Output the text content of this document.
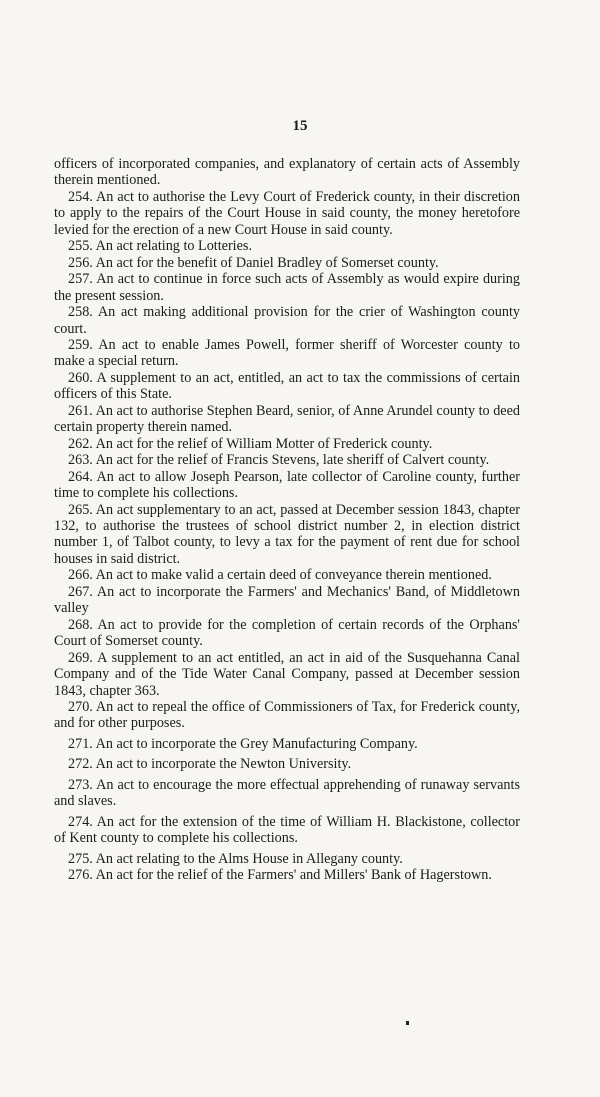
15

officers of incorporated companies, and explanatory of certain acts of Assembly therein mentioned.

254. An act to authorise the Levy Court of Frederick county, in their discretion to apply to the repairs of the Court House in said county, the money heretofore levied for the erection of a new Court House in said county.

255. An act relating to Lotteries.

256. An act for the benefit of Daniel Bradley of Somerset county.

257. An act to continue in force such acts of Assembly as would expire during the present session.

258. An act making additional provision for the crier of Washington county court.

259. An act to enable James Powell, former sheriff of Worcester county to make a special return.

260. A supplement to an act, entitled, an act to tax the commissions of certain officers of this State.

261. An act to authorise Stephen Beard, senior, of Anne Arundel county to deed certain property therein named.

262. An act for the relief of William Motter of Frederick county.

263. An act for the relief of Francis Stevens, late sheriff of Calvert county.

264. An act to allow Joseph Pearson, late collector of Caroline county, further time to complete his collections.

265. An act supplementary to an act, passed at December session 1843, chapter 132, to authorise the trustees of school district number 2, in election district number 1, of Talbot county, to levy a tax for the payment of rent due for school houses in said district.

266. An act to make valid a certain deed of conveyance therein mentioned.

267. An act to incorporate the Farmers' and Mechanics' Band, of Middletown valley

268. An act to provide for the completion of certain records of the Orphans' Court of Somerset county.

269. A supplement to an act entitled, an act in aid of the Susquehanna Canal Company and of the Tide Water Canal Company, passed at December session 1843, chapter 363.

270. An act to repeal the office of Commissioners of Tax, for Frederick county, and for other purposes.

271. An act to incorporate the Grey Manufacturing Company.

272. An act to incorporate the Newton University.

273. An act to encourage the more effectual apprehending of runaway servants and slaves.

274. An act for the extension of the time of William H. Blackistone, collector of Kent county to complete his collections.

275. An act relating to the Alms House in Allegany county.

276. An act for the relief of the Farmers' and Millers' Bank of Hagerstown.
